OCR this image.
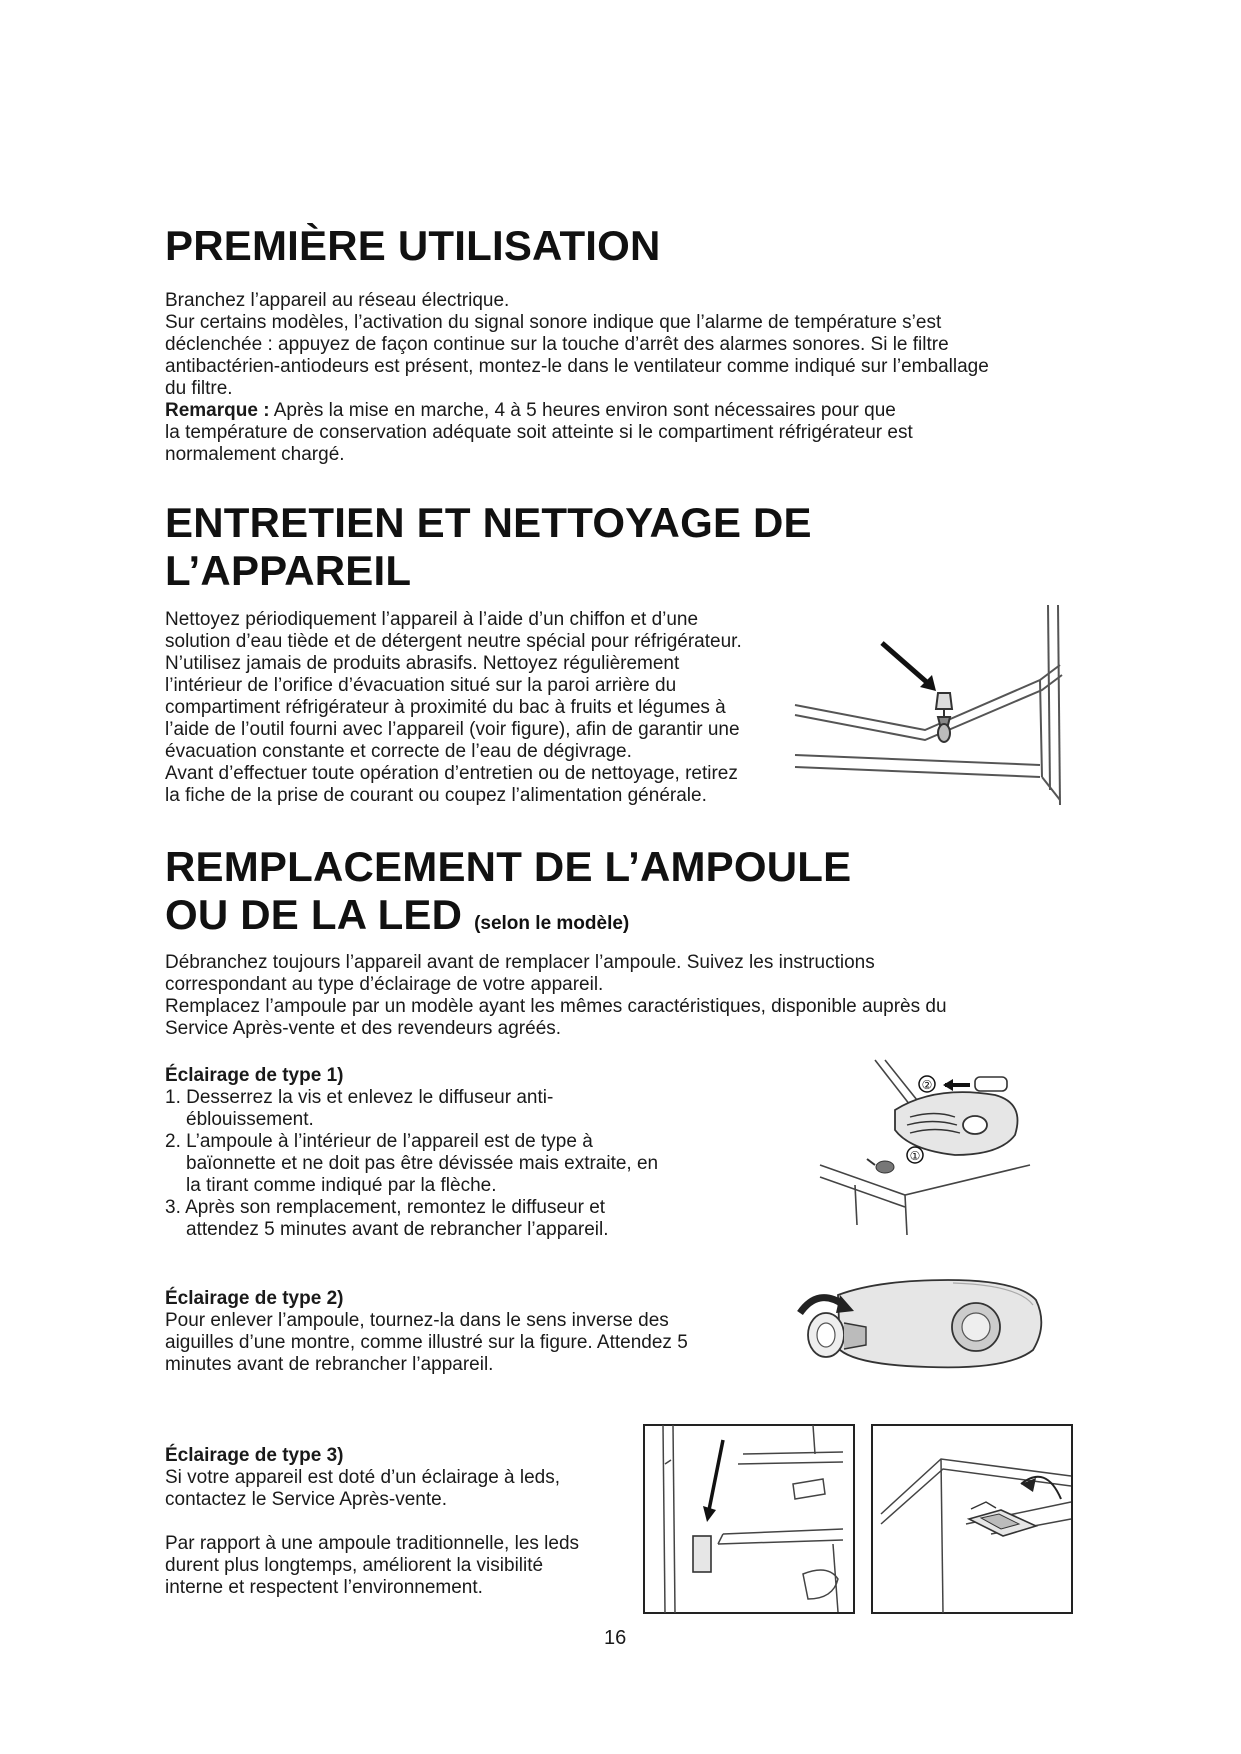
PREMIÈRE UTILISATION

Branchez l’appareil au réseau électrique.

Sur certains modèles, l’activation du signal sonore indique que l’alarme de température s’est

déclenchée : appuyez de façon continue sur la touche d’arrêt des alarmes sonores. Si le filtre

antibactérien-antiodeurs est présent, montez-le dans le ventilateur comme indiqué sur l’emballage

du filtre.

Remarque : Après la mise en marche, 4 à 5 heures environ sont nécessaires pour que

la température de conservation adéquate soit atteinte si le compartiment réfrigérateur est

normalement chargé.

ENTRETIEN ET NETTOYAGE DE
L’APPAREIL

Nettoyez périodiquement l’appareil à l’aide d’un chiffon et d’une

solution d’eau tiède et de détergent neutre spécial pour réfrigérateur.

N’utilisez jamais de produits abrasifs. Nettoyez régulièrement

l’intérieur de l’orifice d’évacuation situé sur la paroi arrière du

compartiment réfrigérateur à proximité du bac à fruits et légumes à

l’aide de l’outil fourni avec l’appareil (voir figure), afin de garantir une

évacuation constante et correcte de l’eau de dégivrage.

Avant d’effectuer toute opération d’entretien ou de nettoyage, retirez

la fiche de la prise de courant ou coupez l’alimentation générale.

REMPLACEMENT DE L’AMPOULE
OU DE LA LED (selon le modèle)

Débranchez toujours l’appareil avant de remplacer l’ampoule. Suivez les instructions

correspondant au type d’éclairage de votre appareil.

Remplacez l’ampoule par un modèle ayant les mêmes caractéristiques, disponible auprès du

Service Après-vente et des revendeurs agréés.

Éclairage de type 1)

1. Desserrez la vis et enlevez le diffuseur anti-

éblouissement.

2. L’ampoule à l’intérieur de l’appareil est de type à

baïonnette et ne doit pas être dévissée mais extraite, en

la tirant comme indiqué par la flèche.

3. Après son remplacement, remontez le diffuseur et

attendez 5 minutes avant de rebrancher l’appareil.

②
①

Éclairage de type 2)

Pour enlever l’ampoule, tournez-la dans le sens inverse des

aiguilles d’une montre, comme illustré sur la figure. Attendez 5

minutes avant de rebrancher l’appareil.

Éclairage de type 3)

Si votre appareil est doté d’un éclairage à leds,

contactez le Service Après-vente.

Par rapport à une ampoule traditionnelle, les leds

durent plus longtemps, améliorent la visibilité

interne et respectent l’environnement.

16
